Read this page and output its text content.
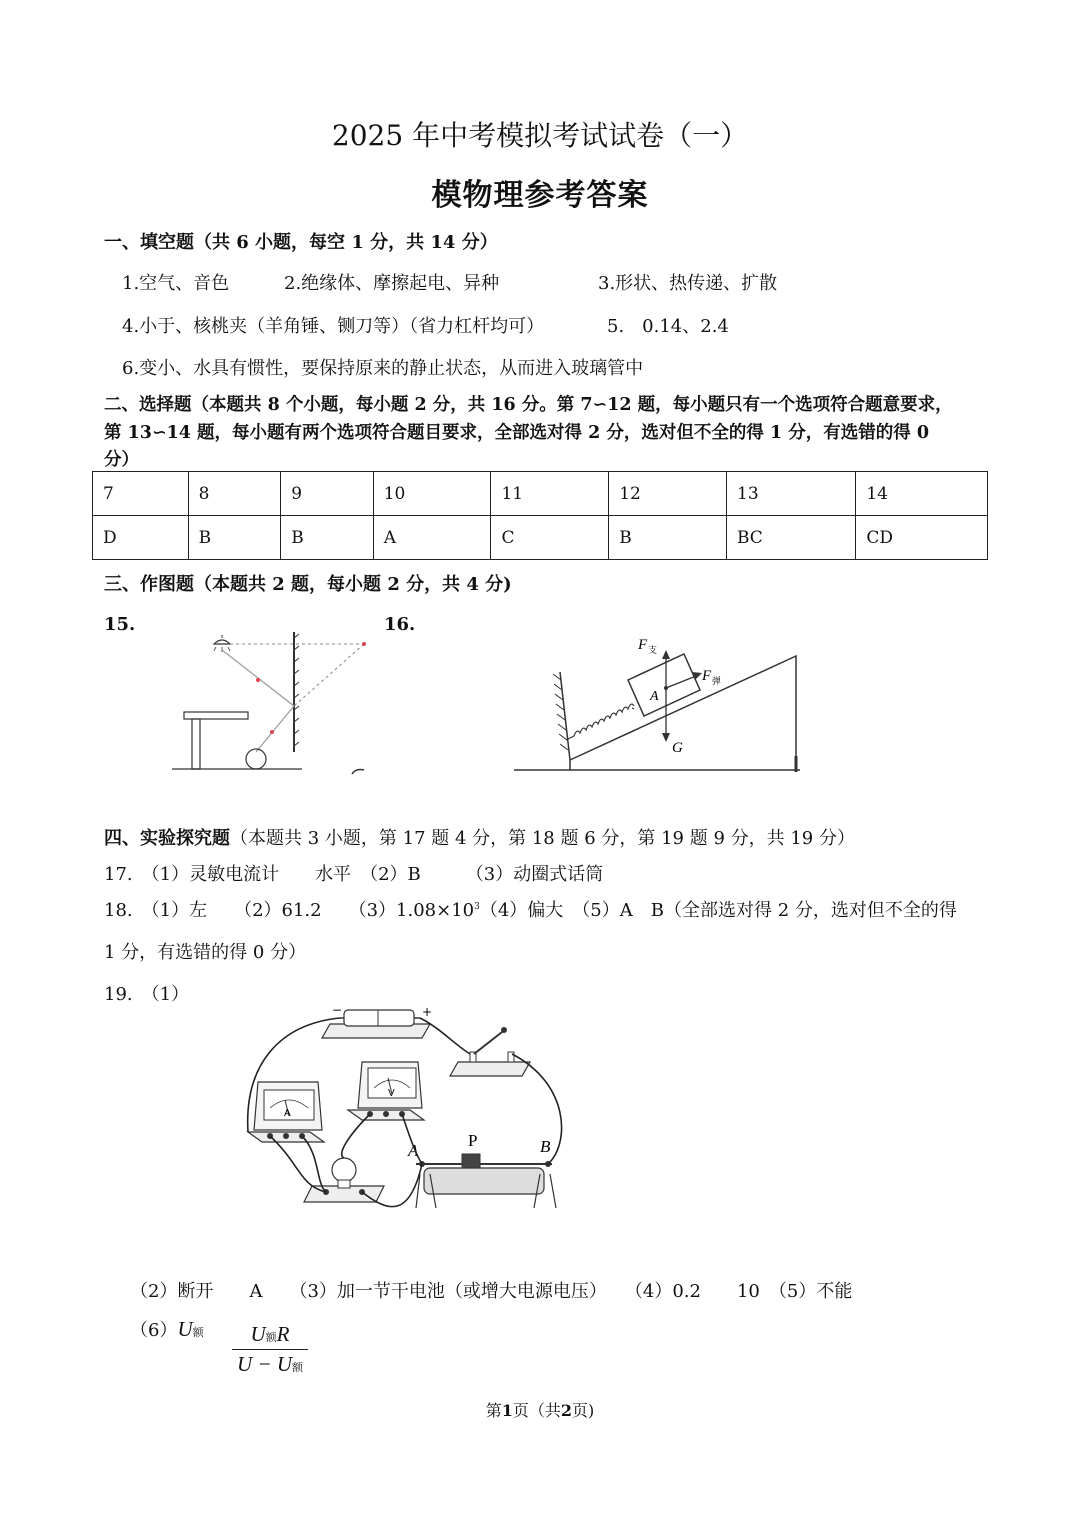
2025 年中考模拟考试试卷（一）
模物理参考答案
一、填空题（共 6 小题，每空 1 分，共 14 分）
1.空气、音色	2.绝缘体、摩擦起电、异种	3.形状、热传递、扩散
4.小于、核桃夹（羊角锤、铡刀等）（省力杠杆均可）	5.　0.14、2.4
6.变小、水具有惯性，要保持原来的静止状态，从而进入玻璃管中
二、选择题（本题共 8 个小题，每小题 2 分，共 16 分。第 7∽12 题，每小题只有一个选项符合题意要求，
第 13∽14 题，每小题有两个选项符合题目要求，全部选对得 2 分，选对但不全的得 1 分，有选错的得 0
分）
7	8	9	10	11	12	13	14
D	B	B	A	C	B	BC	CD
三、作图题（本题共 2 题，每小题 2 分，共 4 分)
15.	16.
A
F 支
F 弹
G
四、实验探究题（本题共 3 小题，第 17 题 4 分，第 18 题 6 分，第 19 题 9 分，共 19 分）
17.　（1）灵敏电流计　　水平　（2）B　　　（3）动圈式话筒
18.　（1）左　　（2）61.2　　$(3)1.08\times 10^3(4)$偏大　（5）A　B（全部选对得 2 分，选对但不全的得
1 分，有选错的得 0 分）
19.　（1）
−	+
A
V
A
P	B
（2）断开　　A　　（3）加一节干电池（或增大电源电压）　　（4）0.2　　10　（5）不能
（6）U额	U额R
U − U额
第1页（共2页)
